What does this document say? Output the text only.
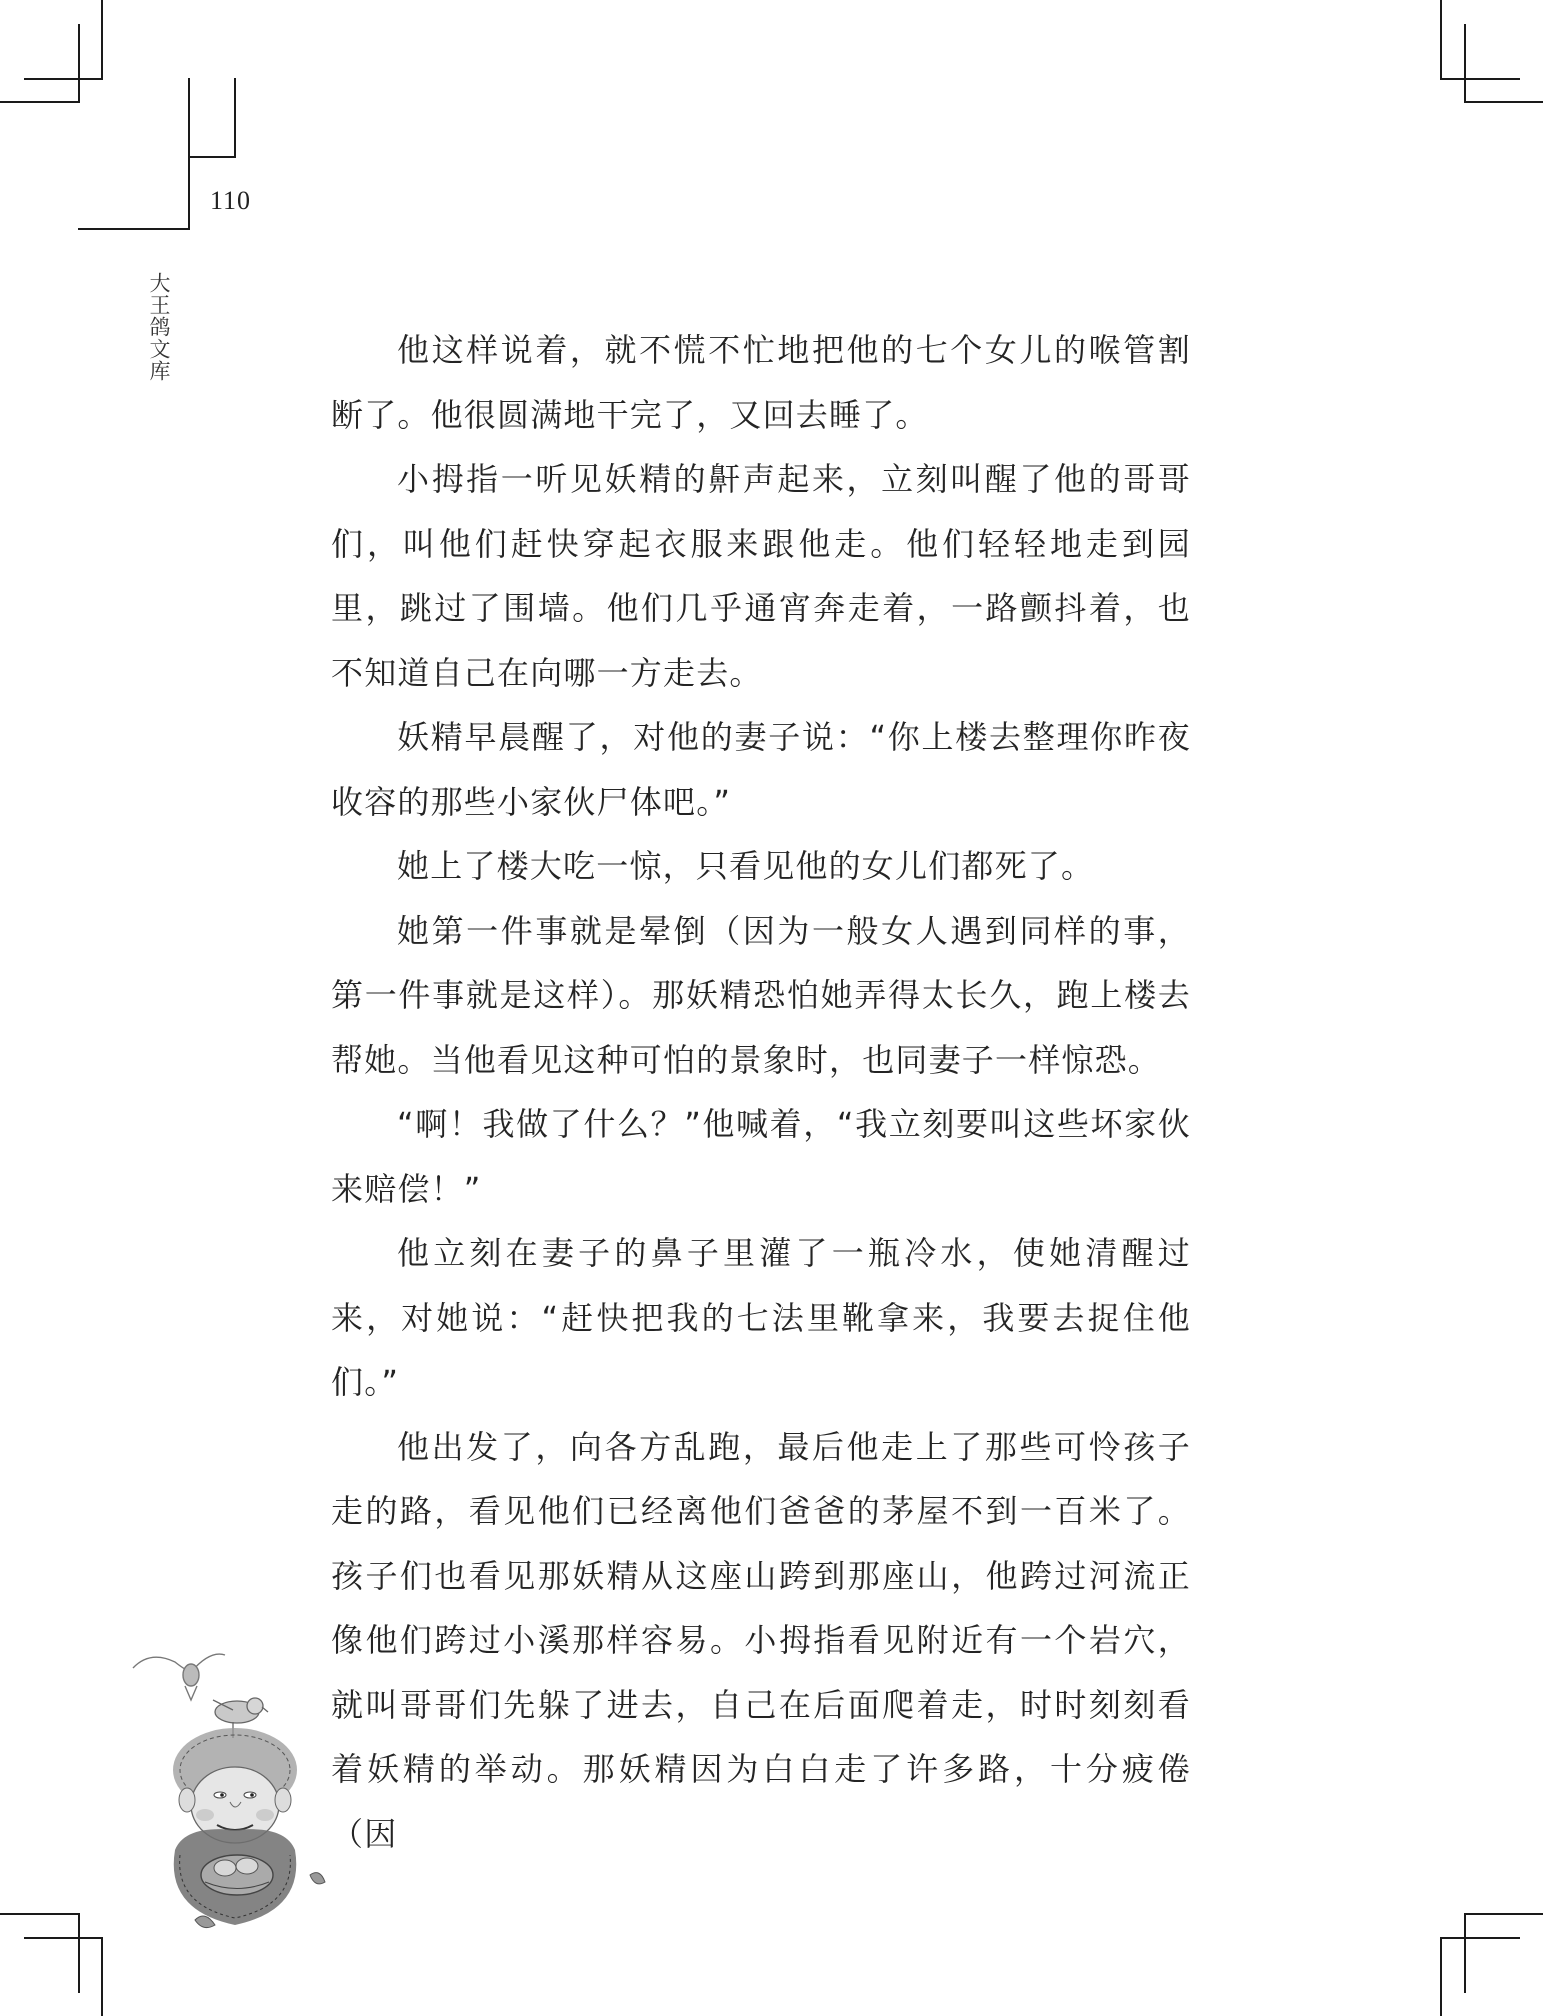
110
大王鸽文库	他这样说着，就不慌不忙地把他的七个女儿的喉管割断了。他很圆满地干完了，又回去睡了。

小拇指一听见妖精的鼾声起来，立刻叫醒了他的哥哥们，叫他们赶快穿起衣服来跟他走。他们轻轻地走到园里，跳过了围墙。他们几乎通宵奔走着，一路颤抖着，也不知道自己在向哪一方走去。

妖精早晨醒了，对他的妻子说：“你上楼去整理你昨夜收容的那些小家伙尸体吧。”

她上了楼大吃一惊，只看见他的女儿们都死了。

她第一件事就是晕倒（因为一般女人遇到同样的事，第一件事就是这样）。那妖精恐怕她弄得太长久，跑上楼去帮她。当他看见这种可怕的景象时，也同妻子一样惊恐。

“啊！我做了什么？”他喊着，“我立刻要叫这些坏家伙来赔偿！”

他立刻在妻子的鼻子里灌了一瓶冷水，使她清醒过来，对她说：“赶快把我的七法里靴拿来，我要去捉住他们。”

他出发了，向各方乱跑，最后他走上了那些可怜孩子走的路，看见他们已经离他们爸爸的茅屋不到一百米了。孩子们也看见那妖精从这座山跨到那座山，他跨过河流正像他们跨过小溪那样容易。小拇指看见附近有一个岩穴，就叫哥哥们先躲了进去，自己在后面爬着走，时时刻刻看着妖精的举动。那妖精因为白白走了许多路，十分疲倦（因
